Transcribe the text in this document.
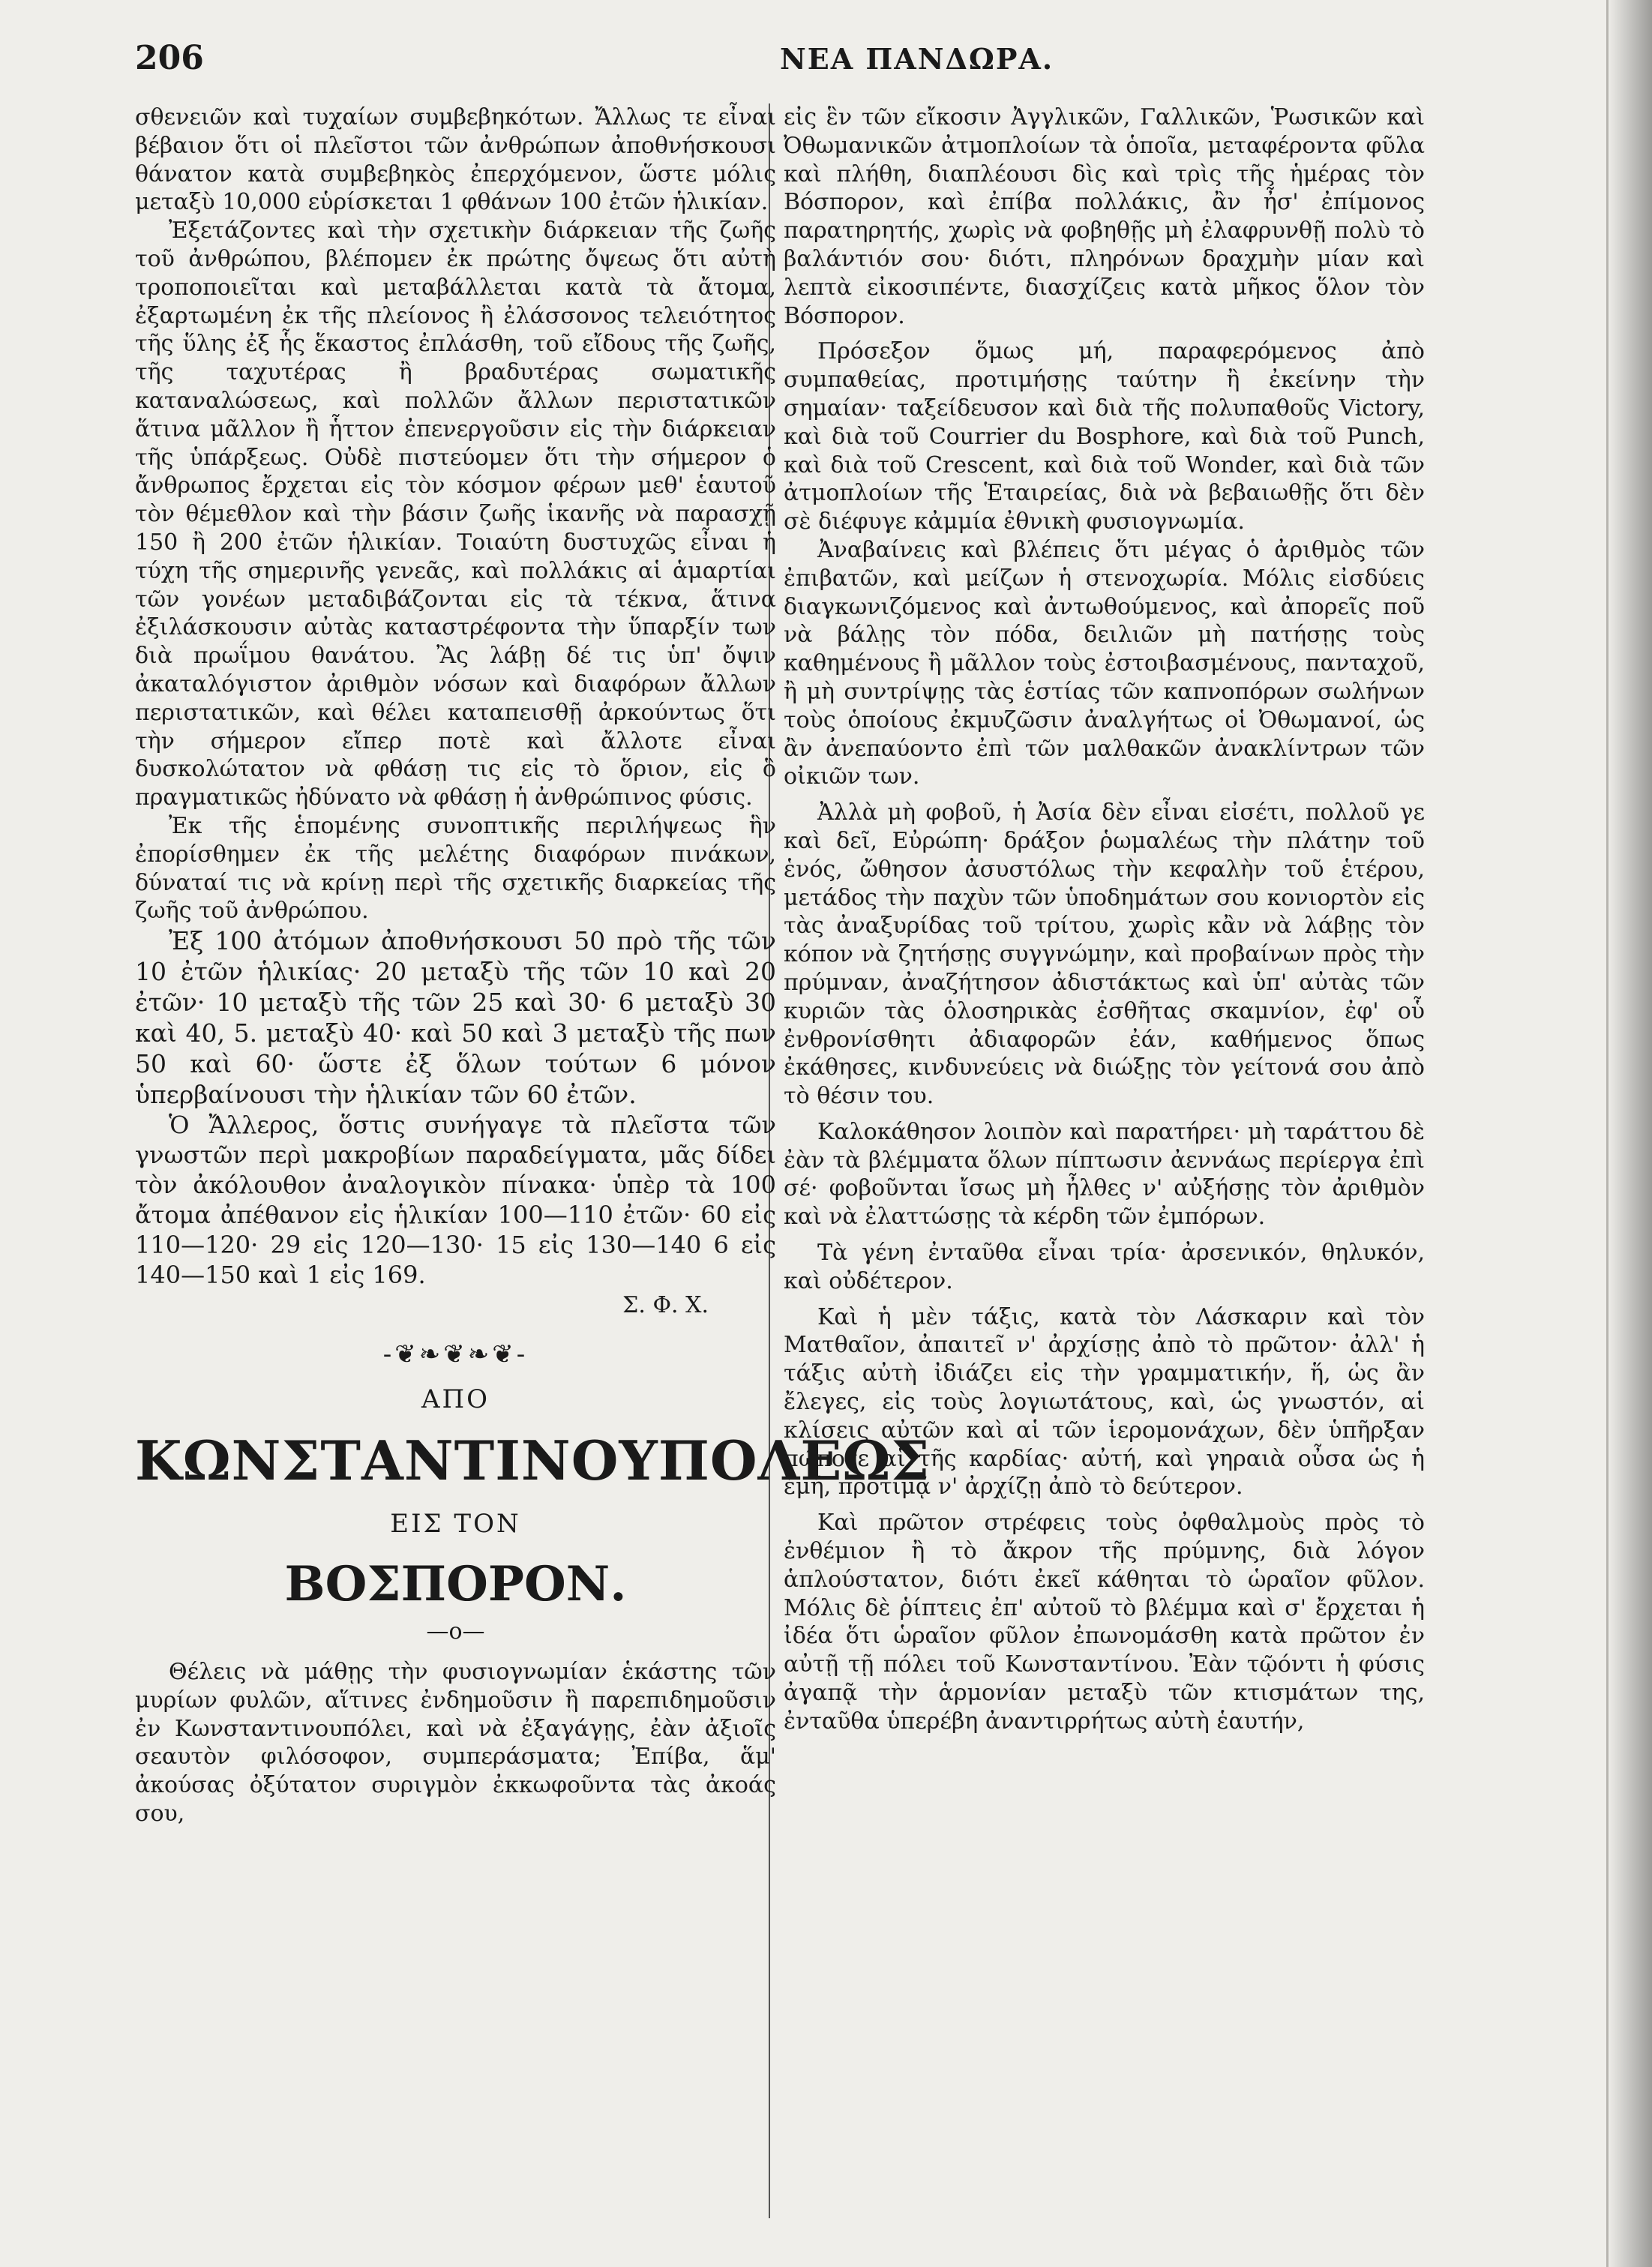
206	ΝΕΑ ΠΑΝΔΩΡΑ.

σθενειῶν καὶ τυχαίων συμβεβηκότων. Ἄλλως τε εἶναι βέβαιον ὅτι οἱ πλεῖστοι τῶν ἀνθρώπων ἀποθνήσκουσι θάνατον κατὰ συμβεβηκὸς ἐπερχόμενον, ὥστε μόλις μεταξὺ 10,000 εὑρίσκεται 1 φθάνων 100 ἐτῶν ἡλικίαν.

Ἐξετάζοντες καὶ τὴν σχετικὴν διάρκειαν τῆς ζωῆς τοῦ ἀνθρώπου, βλέπομεν ἐκ πρώτης ὄψεως ὅτι αὐτὴ τροποποιεῖται καὶ μεταβάλλεται κατὰ τὰ ἄτομα, ἐξαρτωμένη ἐκ τῆς πλείονος ἢ ἐλάσσονος τελειότητος τῆς ὕλης ἐξ ἧς ἕκαστος ἐπλάσθη, τοῦ εἴδους τῆς ζωῆς, τῆς ταχυτέρας ἢ βραδυτέρας σωματικῆς καταναλώσεως, καὶ πολλῶν ἄλλων περιστατικῶν ἅτινα μᾶλλον ἢ ἧττον ἐπενεργοῦσιν εἰς τὴν διάρκειαν τῆς ὑπάρξεως. Οὐδὲ πιστεύομεν ὅτι τὴν σήμερον ὁ ἄνθρωπος ἔρχεται εἰς τὸν κόσμον φέρων μεθ' ἑαυτοῦ τὸν θέμεθλον καὶ τὴν βάσιν ζωῆς ἱκανῆς νὰ παρασχῇ 150 ἢ 200 ἐτῶν ἡλικίαν. Τοιαύτη δυστυχῶς εἶναι ἡ τύχη τῆς σημερινῆς γενεᾶς, καὶ πολλάκις αἱ ἁμαρτίαι τῶν γονέων μεταδιβάζονται εἰς τὰ τέκνα, ἅτινα ἐξιλάσκουσιν αὐτὰς καταστρέφοντα τὴν ὕπαρξίν των διὰ πρωΐμου θανάτου. Ἂς λάβῃ δέ τις ὑπ' ὄψιν ἀκαταλόγιστον ἀριθμὸν νόσων καὶ διαφόρων ἄλλων περιστατικῶν, καὶ θέλει καταπεισθῇ ἀρκούντως ὅτι τὴν σήμερον εἴπερ ποτὲ καὶ ἄλλοτε εἶναι δυσκολώτατον νὰ φθάσῃ τις εἰς τὸ ὅριον, εἰς ὃ πραγματικῶς ἠδύνατο νὰ φθάσῃ ἡ ἀνθρώπινος φύσις.

Ἐκ τῆς ἑπομένης συνοπτικῆς περιλήψεως ἣν ἐπορίσθημεν ἐκ τῆς μελέτης διαφόρων πινάκων, δύναταί τις νὰ κρίνῃ περὶ τῆς σχετικῆς διαρκείας τῆς ζωῆς τοῦ ἀνθρώπου.

Ἐξ 100 ἀτόμων ἀποθνήσκουσι 50 πρὸ τῆς τῶν 10 ἐτῶν ἡλικίας· 20 μεταξὺ τῆς τῶν 10 καὶ 20 ἐτῶν· 10 μεταξὺ τῆς τῶν 25 καὶ 30· 6 μεταξὺ 30 καὶ 40, 5. μεταξὺ 40· καὶ 50 καὶ 3 μεταξὺ τῆς πων 50 καὶ 60· ὥστε ἐξ ὅλων τούτων 6 μόνον ὑπερβαίνουσι τὴν ἡλικίαν τῶν 60 ἐτῶν.

Ὁ Ἄλλερος, ὅστις συνήγαγε τὰ πλεῖστα τῶν γνωστῶν περὶ μακροβίων παραδείγματα, μᾶς δίδει τὸν ἀκόλουθον ἀναλογικὸν πίνακα· ὑπὲρ τὰ 100 ἄτομα ἀπέθανον εἰς ἡλικίαν 100—110 ἐτῶν· 60 εἰς 110—120· 29 εἰς 120—130· 15 εἰς 130—140 6 εἰς 140—150 καὶ 1 εἰς 169.

Σ. Φ. Χ.
-❦❧❦❧❦-
ΑΠΟ
ΚΩΝΣΤΑΝΤΙΝΟΥΠΟΛΕΩΣ
ΕΙΣ ΤΟΝ
ΒΟΣΠΟΡΟΝ.
—o—

Θέλεις νὰ μάθῃς τὴν φυσιογνωμίαν ἑκάστης τῶν μυρίων φυλῶν, αἵτινες ἐνδημοῦσιν ἢ παρεπιδημοῦσιν ἐν Κωνσταντινουπόλει, καὶ νὰ ἐξαγάγῃς, ἐὰν ἀξιοῖς σεαυτὸν φιλόσοφον, συμπεράσματα; Ἐπίβα, ἅμ' ἀκούσας ὀξύτατον συριγμὸν ἐκκωφοῦντα τὰς ἀκοάς σου,

εἰς ἓν τῶν εἴκοσιν Ἀγγλικῶν, Γαλλικῶν, Ῥωσικῶν καὶ Ὀθωμανικῶν ἀτμοπλοίων τὰ ὁποῖα, μεταφέροντα φῦλα καὶ πλήθη, διαπλέουσι δὶς καὶ τρὶς τῆς ἡμέρας τὸν Βόσπορον, καὶ ἐπίβα πολλάκις, ἂν ἦσ' ἐπίμονος παρατηρητής, χωρὶς νὰ φοβηθῇς μὴ ἐλαφρυνθῇ πολὺ τὸ βαλάντιόν σου· διότι, πληρόνων δραχμὴν μίαν καὶ λεπτὰ εἰκοσιπέντε, διασχίζεις κατὰ μῆκος ὅλον τὸν Βόσπορον.

Πρόσεξον ὅμως μή, παραφερόμενος ἀπὸ συμπαθείας, προτιμήσῃς ταύτην ἢ ἐκείνην τὴν σημαίαν· ταξείδευσον καὶ διὰ τῆς πολυπαθοῦς Victory, καὶ διὰ τοῦ Courrier du Bosphore, καὶ διὰ τοῦ Punch, καὶ διὰ τοῦ Crescent, καὶ διὰ τοῦ Wonder, καὶ διὰ τῶν ἀτμοπλοίων τῆς Ἑταιρείας, διὰ νὰ βεβαιωθῇς ὅτι δὲν σὲ διέφυγε κἀμμία ἐθνικὴ φυσιογνωμία.

Ἀναβαίνεις καὶ βλέπεις ὅτι μέγας ὁ ἀριθμὸς τῶν ἐπιβατῶν, καὶ μείζων ἡ στενοχωρία. Μόλις εἰσδύεις διαγκωνιζόμενος καὶ ἀντωθούμενος, καὶ ἀπορεῖς ποῦ νὰ βάλῃς τὸν πόδα, δειλιῶν μὴ πατήσῃς τοὺς καθημένους ἢ μᾶλλον τοὺς ἐστοιβασμένους, πανταχοῦ, ἢ μὴ συντρίψῃς τὰς ἑστίας τῶν καπνοπόρων σωλήνων τοὺς ὁποίους ἐκμυζῶσιν ἀναλγήτως οἱ Ὀθωμανοί, ὡς ἂν ἀνεπαύοντο ἐπὶ τῶν μαλθακῶν ἀνακλίντρων τῶν οἰκιῶν των.

Ἀλλὰ μὴ φοβοῦ, ἡ Ἀσία δὲν εἶναι εἰσέτι, πολλοῦ γε καὶ δεῖ, Εὐρώπη· δράξον ῥωμαλέως τὴν πλάτην τοῦ ἑνός, ὤθησον ἀσυστόλως τὴν κεφαλὴν τοῦ ἑτέρου, μετάδος τὴν παχὺν τῶν ὑποδημάτων σου κονιορτὸν εἰς τὰς ἀναξυρίδας τοῦ τρίτου, χωρὶς κἂν νὰ λάβῃς τὸν κόπον νὰ ζητήσῃς συγγνώμην, καὶ προβαίνων πρὸς τὴν πρύμναν, ἀναζήτησον ἀδιστάκτως καὶ ὑπ' αὐτὰς τῶν κυριῶν τὰς ὁλοσηρικὰς ἐσθῆτας σκαμνίον, ἐφ' οὗ ἐνθρονίσθητι ἀδιαφορῶν ἐάν, καθήμενος ὅπως ἐκάθησες, κινδυνεύεις νὰ διώξῃς τὸν γείτονά σου ἀπὸ τὸ θέσιν του.

Καλοκάθησον λοιπὸν καὶ παρατήρει· μὴ ταράττου δὲ ἐὰν τὰ βλέμματα ὅλων πίπτωσιν ἀεννάως περίεργα ἐπὶ σέ· φοβοῦνται ἴσως μὴ ἦλθες ν' αὐξήσῃς τὸν ἀριθμὸν καὶ νὰ ἐλαττώσῃς τὰ κέρδη τῶν ἐμπόρων.

Τὰ γένη ἐνταῦθα εἶναι τρία· ἀρσενικόν, θηλυκόν, καὶ οὐδέτερον.

Καὶ ἡ μὲν τάξις, κατὰ τὸν Λάσκαριν καὶ τὸν Ματθαῖον, ἀπαιτεῖ ν' ἀρχίσῃς ἀπὸ τὸ πρῶτον· ἀλλ' ἡ τάξις αὐτὴ ἰδιάζει εἰς τὴν γραμματικήν, ἥ, ὡς ἂν ἔλεγες, εἰς τοὺς λογιωτάτους, καὶ, ὡς γνωστόν, αἱ κλίσεις αὐτῶν καὶ αἱ τῶν ἱερομονάχων, δὲν ὑπῆρξαν πώποτε αἱ τῆς καρδίας· αὐτή, καὶ γηραιὰ οὖσα ὡς ἡ ἐμή, προτιμᾷ ν' ἀρχίζῃ ἀπὸ τὸ δεύτερον.

Καὶ πρῶτον στρέφεις τοὺς ὀφθαλμοὺς πρὸς τὸ ἐνθέμιον ἢ τὸ ἄκρον τῆς πρύμνης, διὰ λόγον ἁπλούστατον, διότι ἐκεῖ κάθηται τὸ ὡραῖον φῦλον. Μόλις δὲ ῥίπτεις ἐπ' αὐτοῦ τὸ βλέμμα καὶ σ' ἔρχεται ἡ ἰδέα ὅτι ὡραῖον φῦλον ἐπωνομάσθη κατὰ πρῶτον ἐν αὐτῇ τῇ πόλει τοῦ Κωνσταντίνου. Ἐὰν τῷόντι ἡ φύσις ἀγαπᾷ τὴν ἁρμονίαν μεταξὺ τῶν κτισμάτων της, ἐνταῦθα ὑπερέβη ἀναντιρρήτως αὐτὴ ἑαυτήν,
